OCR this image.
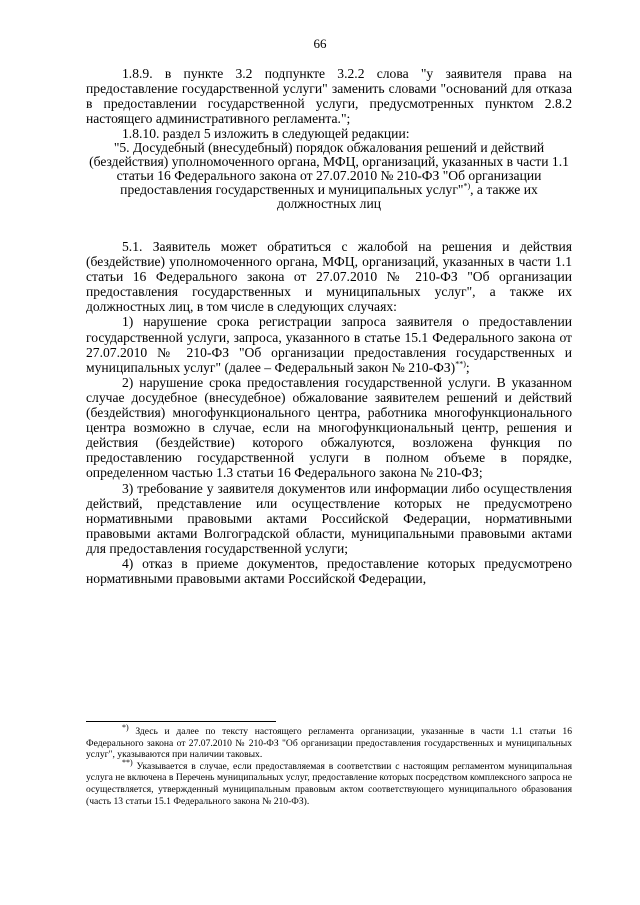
66

1.8.9. в пункте 3.2 подпункте 3.2.2 слова "у заявителя права на предоставление государственной услуги" заменить словами "оснований для отказа в предоставлении государственной услуги, предусмотренных пунктом 2.8.2 настоящего административного регламента.";

1.8.10. раздел 5 изложить в следующей редакции:

"5. Досудебный (внесудебный) порядок обжалования решений и действий (бездействия) уполномоченного органа, МФЦ, организаций, указанных в части 1.1 статьи 16 Федерального закона от 27.07.2010 № 210-ФЗ "Об организации предоставления государственных и муниципальных услуг"*), а также их должностных лиц

5.1. Заявитель может обратиться с жалобой на решения и действия (бездействие) уполномоченного органа, МФЦ, организаций, указанных в части 1.1 статьи 16 Федерального закона от 27.07.2010 № 210-ФЗ "Об организации предоставления государственных и муниципальных услуг", а также их должностных лиц, в том числе в следующих случаях:

1) нарушение срока регистрации запроса заявителя о предоставлении государственной услуги, запроса, указанного в статье 15.1 Федерального закона от 27.07.2010 № 210-ФЗ "Об организации предоставления государственных и муниципальных услуг" (далее – Федеральный закон № 210-ФЗ)**);

2) нарушение срока предоставления государственной услуги. В указанном случае досудебное (внесудебное) обжалование заявителем решений и действий (бездействия) многофункционального центра, работника многофункционального центра возможно в случае, если на многофункциональный центр, решения и действия (бездействие) которого обжалуются, возложена функция по предоставлению государственной услуги в полном объеме в порядке, определенном частью 1.3 статьи 16 Федерального закона № 210-ФЗ;

3) требование у заявителя документов или информации либо осуществления действий, представление или осуществление которых не предусмотрено нормативными правовыми актами Российской Федерации, нормативными правовыми актами Волгоградской области, муниципальными правовыми актами для предоставления государственной услуги;

4) отказ в приеме документов, предоставление которых предусмотрено нормативными правовыми актами Российской Федерации,

*) Здесь и далее по тексту настоящего регламента организации, указанные в части 1.1 статьи 16 Федерального закона от 27.07.2010 № 210-ФЗ "Об организации предоставления государственных и муниципальных услуг", указываются при наличии таковых.

**) Указывается в случае, если предоставляемая в соответствии с настоящим регламентом муниципальная услуга не включена в Перечень муниципальных услуг, предоставление которых посредством комплексного запроса не осуществляется, утвержденный муниципальным правовым актом соответствующего муниципального образования (часть 13 статьи 15.1 Федерального закона № 210-ФЗ).
